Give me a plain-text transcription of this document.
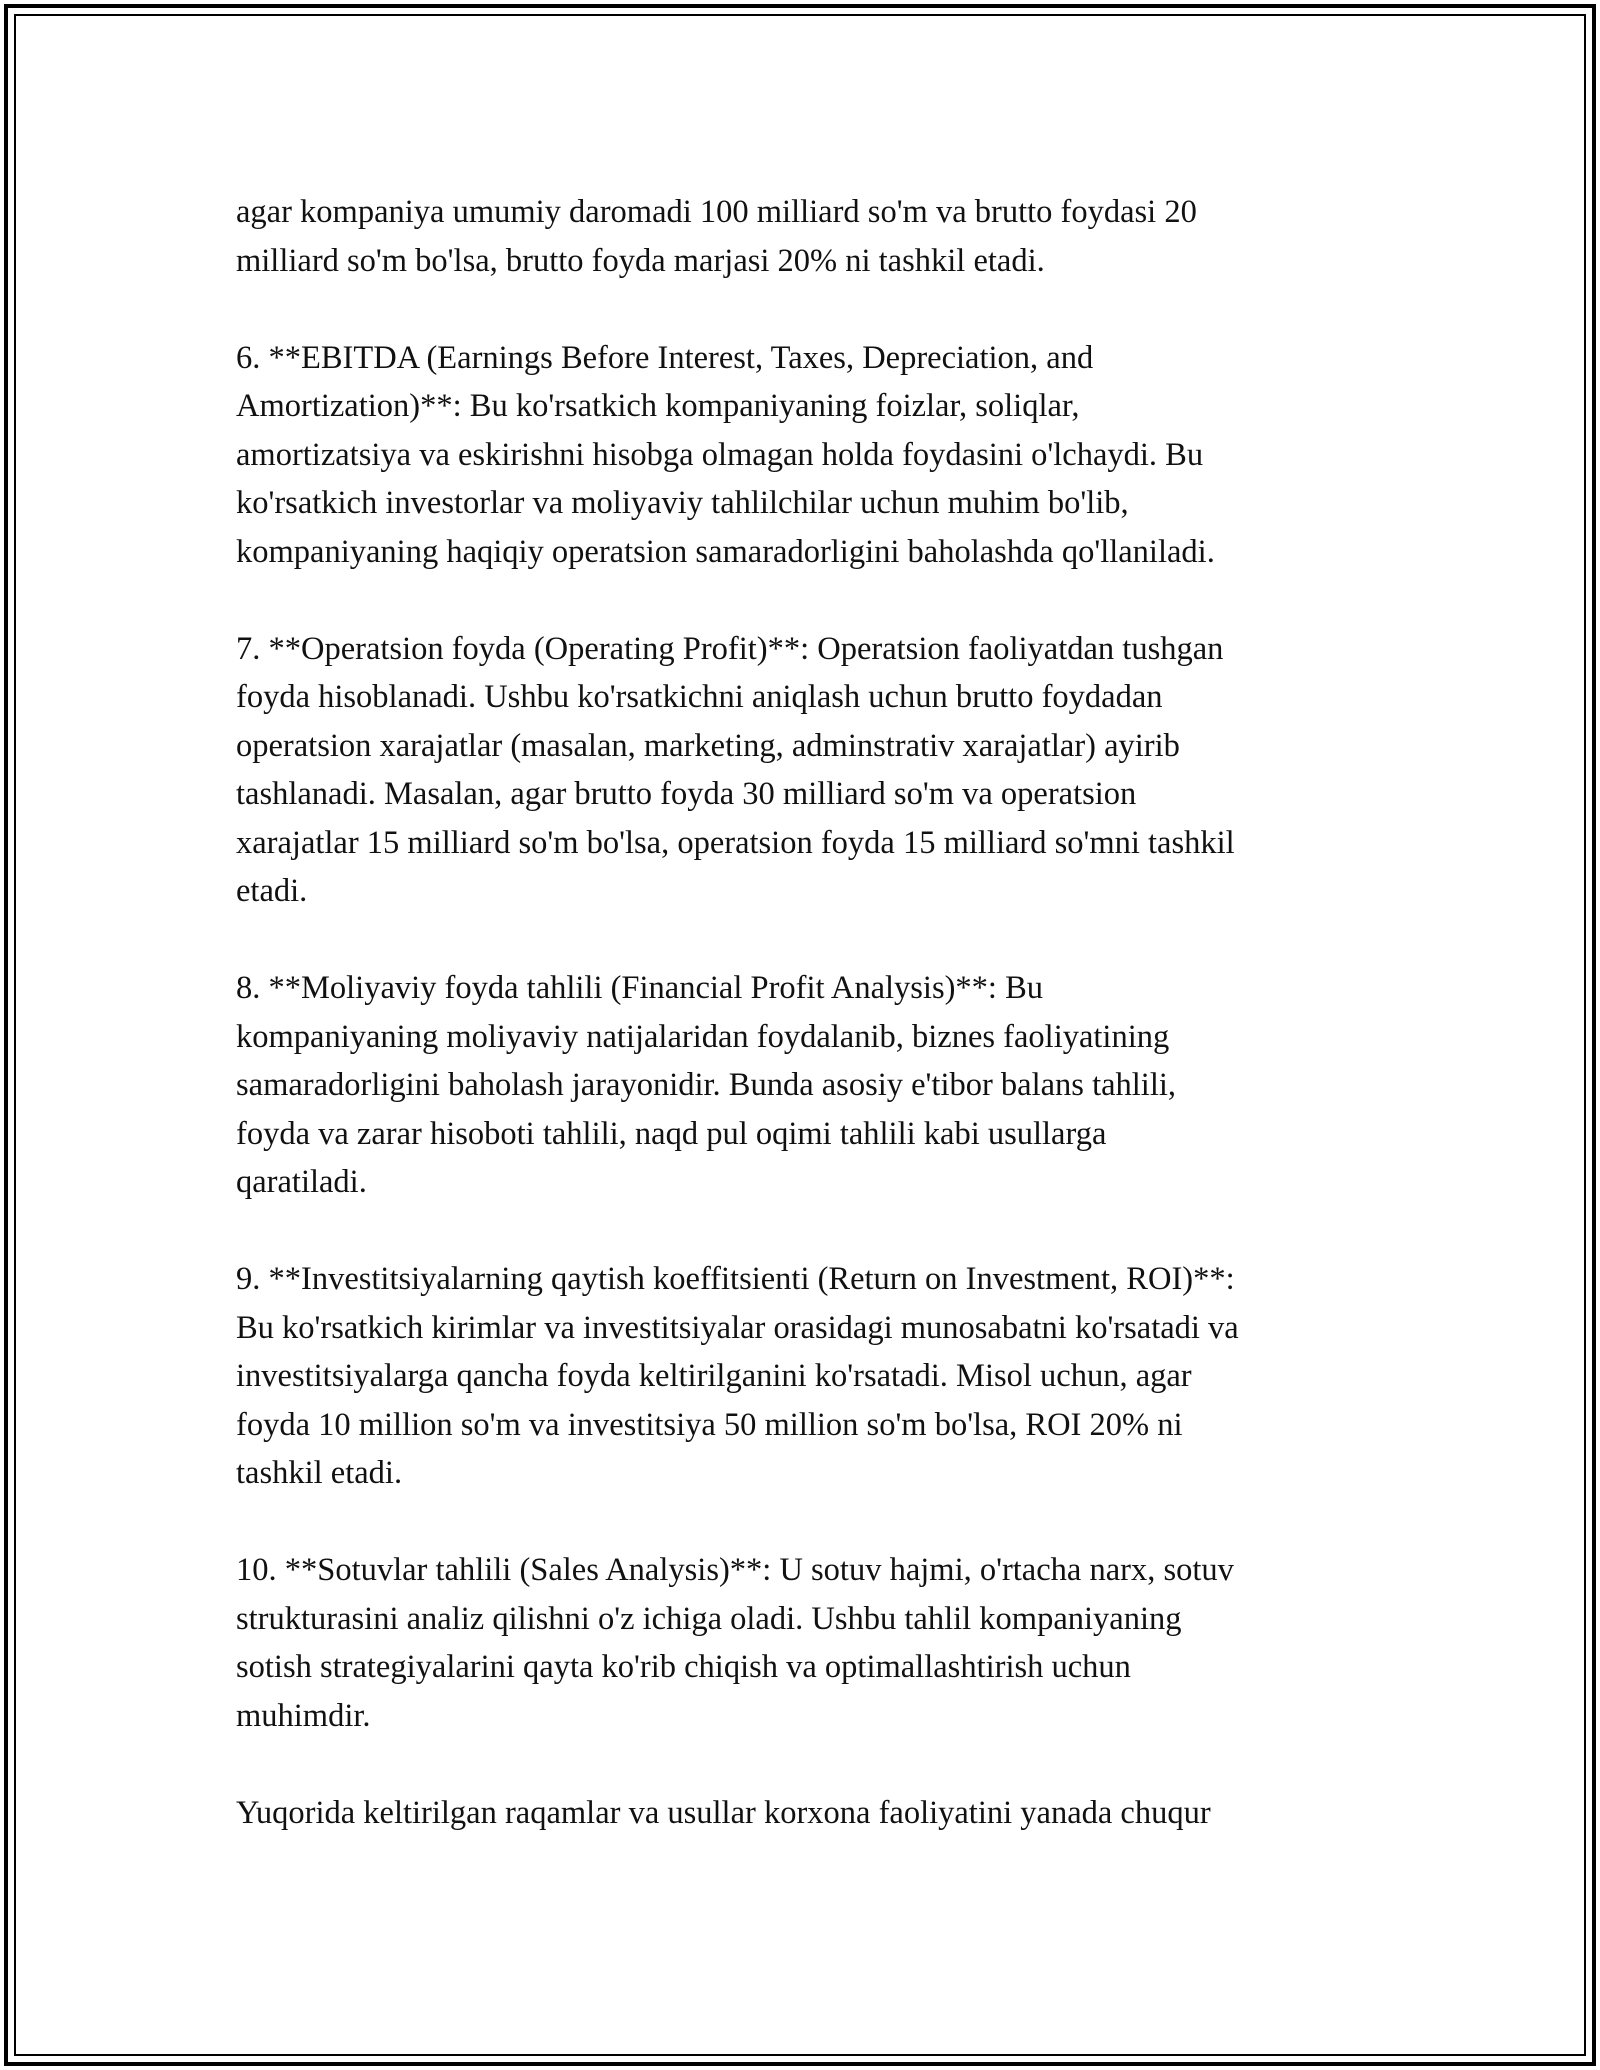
agar kompaniya umumiy daromadi 100 milliard so'm va brutto foydasi 20
milliard so'm bo'lsa, brutto foyda marjasi 20% ni tashkil etadi.

6. **EBITDA (Earnings Before Interest, Taxes, Depreciation, and
Amortization)**: Bu ko'rsatkich kompaniyaning foizlar, soliqlar,
amortizatsiya va eskirishni hisobga olmagan holda foydasini o'lchaydi. Bu
ko'rsatkich investorlar va moliyaviy tahlilchilar uchun muhim bo'lib,
kompaniyaning haqiqiy operatsion samaradorligini baholashda qo'llaniladi.

7. **Operatsion foyda (Operating Profit)**: Operatsion faoliyatdan tushgan
foyda hisoblanadi. Ushbu ko'rsatkichni aniqlash uchun brutto foydadan
operatsion xarajatlar (masalan, marketing, adminstrativ xarajatlar) ayirib
tashlanadi. Masalan, agar brutto foyda 30 milliard so'm va operatsion
xarajatlar 15 milliard so'm bo'lsa, operatsion foyda 15 milliard so'mni tashkil
etadi.

8. **Moliyaviy foyda tahlili (Financial Profit Analysis)**: Bu
kompaniyaning moliyaviy natijalaridan foydalanib, biznes faoliyatining
samaradorligini baholash jarayonidir. Bunda asosiy e'tibor balans tahlili,
foyda va zarar hisoboti tahlili, naqd pul oqimi tahlili kabi usullarga
qaratiladi.

9. **Investitsiyalarning qaytish koeffitsienti (Return on Investment, ROI)**:
Bu ko'rsatkich kirimlar va investitsiyalar orasidagi munosabatni ko'rsatadi va
investitsiyalarga qancha foyda keltirilganini ko'rsatadi. Misol uchun, agar
foyda 10 million so'm va investitsiya 50 million so'm bo'lsa, ROI 20% ni
tashkil etadi.

10. **Sotuvlar tahlili (Sales Analysis)**: U sotuv hajmi, o'rtacha narx, sotuv
strukturasini analiz qilishni o'z ichiga oladi. Ushbu tahlil kompaniyaning
sotish strategiyalarini qayta ko'rib chiqish va optimallashtirish uchun
muhimdir.

Yuqorida keltirilgan raqamlar va usullar korxona faoliyatini yanada chuqur
